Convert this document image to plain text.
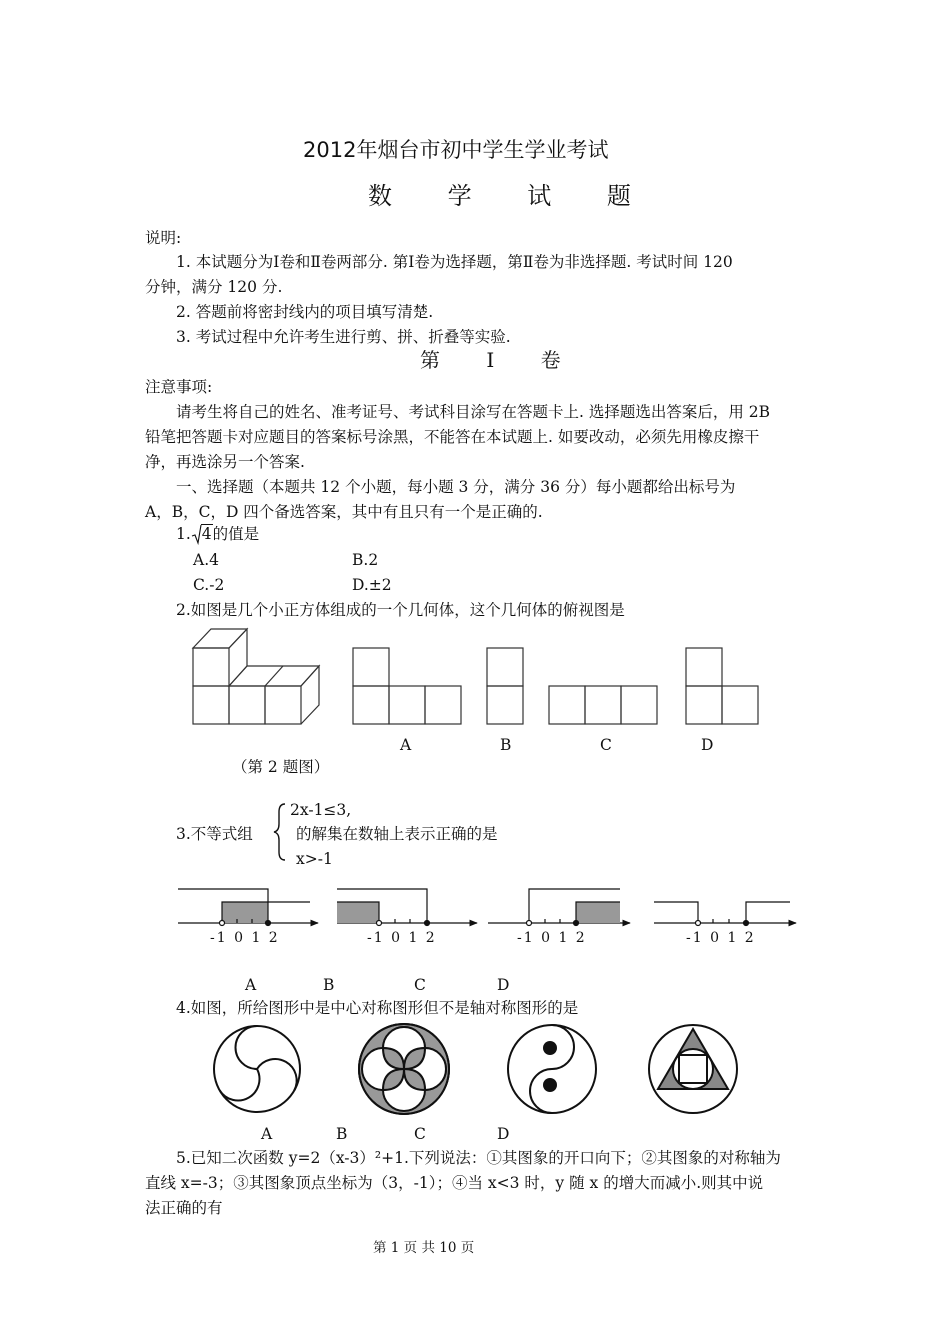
2012年烟台市初中学生学业考试
数 学 试 题
说明:
1. 本试题分为Ⅰ卷和Ⅱ卷两部分. 第Ⅰ卷为选择题，第Ⅱ卷为非选择题. 考试时间 120
分钟，满分 120 分.
2. 答题前将密封线内的项目填写清楚.
3. 考试过程中允许考生进行剪、拼、折叠等实验.
第 Ⅰ 卷
注意事项:
请考生将自己的姓名、准考证号、考试科目涂写在答题卡上. 选择题选出答案后，用 2B
铅笔把答题卡对应题目的答案标号涂黑，不能答在本试题上. 如要改动，必须先用橡皮擦干
净，再选涂另一个答案.
一、选择题（本题共 12 个小题，每小题 3 分，满分 36 分）每小题都给出标号为
A，B，C，D 四个备选答案，其中有且只有一个是正确的.
1. 4的值是
A.4	B.2
C.-2	D.±2
2.如图是几个小正方体组成的一个几何体，这个几何体的俯视图是
A	B	C	D
（第 2 题图）
3.不等式组
2x-1≤3,
的解集在数轴上表示正确的是
x>-1
-1 0 1 2	-1 0 1 2	-1 0 1 2	-1 0 1 2
A	B	C	D
4.如图，所给图形中是中心对称图形但不是轴对称图形的是
A	B	C	D
5.已知二次函数 y=2（x-3）²+1.下列说法：①其图象的开口向下；②其图象的对称轴为
直线 x=-3；③其图象顶点坐标为（3，-1）；④当 x<3 时，y 随 x 的增大而减小.则其中说
法正确的有
第 1 页 共 10 页
